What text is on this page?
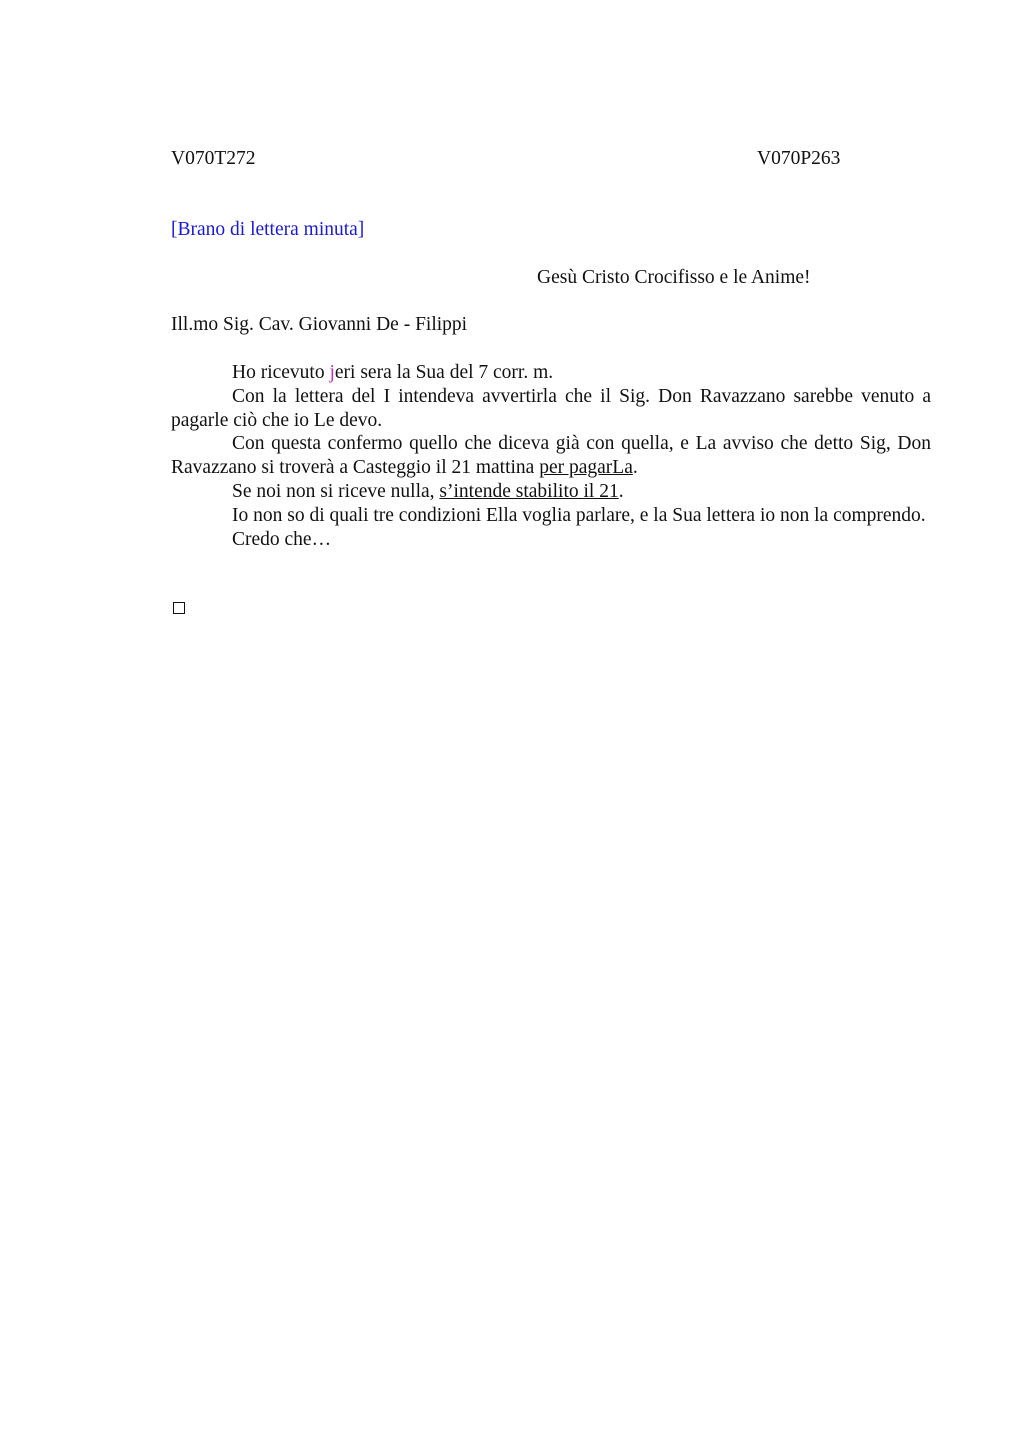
V070T272	V070P263
[Brano di lettera minuta]
Gesù Cristo Crocifisso e le Anime!
Ill.mo Sig. Cav. Giovanni De - Filippi

Ho ricevuto jeri sera la Sua del 7 corr. m.

Con la lettera del I intendeva avvertirla che il Sig. Don Ravazzano sarebbe venuto a pagarle ciò che io Le devo.

Con questa confermo quello che diceva già con quella, e La avviso che detto Sig, Don Ravazzano si troverà a Casteggio il 21 mattina per pagarLa.

Se noi non si riceve nulla, s’intende stabilito il 21.

Io non so di quali tre condizioni Ella voglia parlare, e la Sua lettera io non la comprendo.

Credo che…
